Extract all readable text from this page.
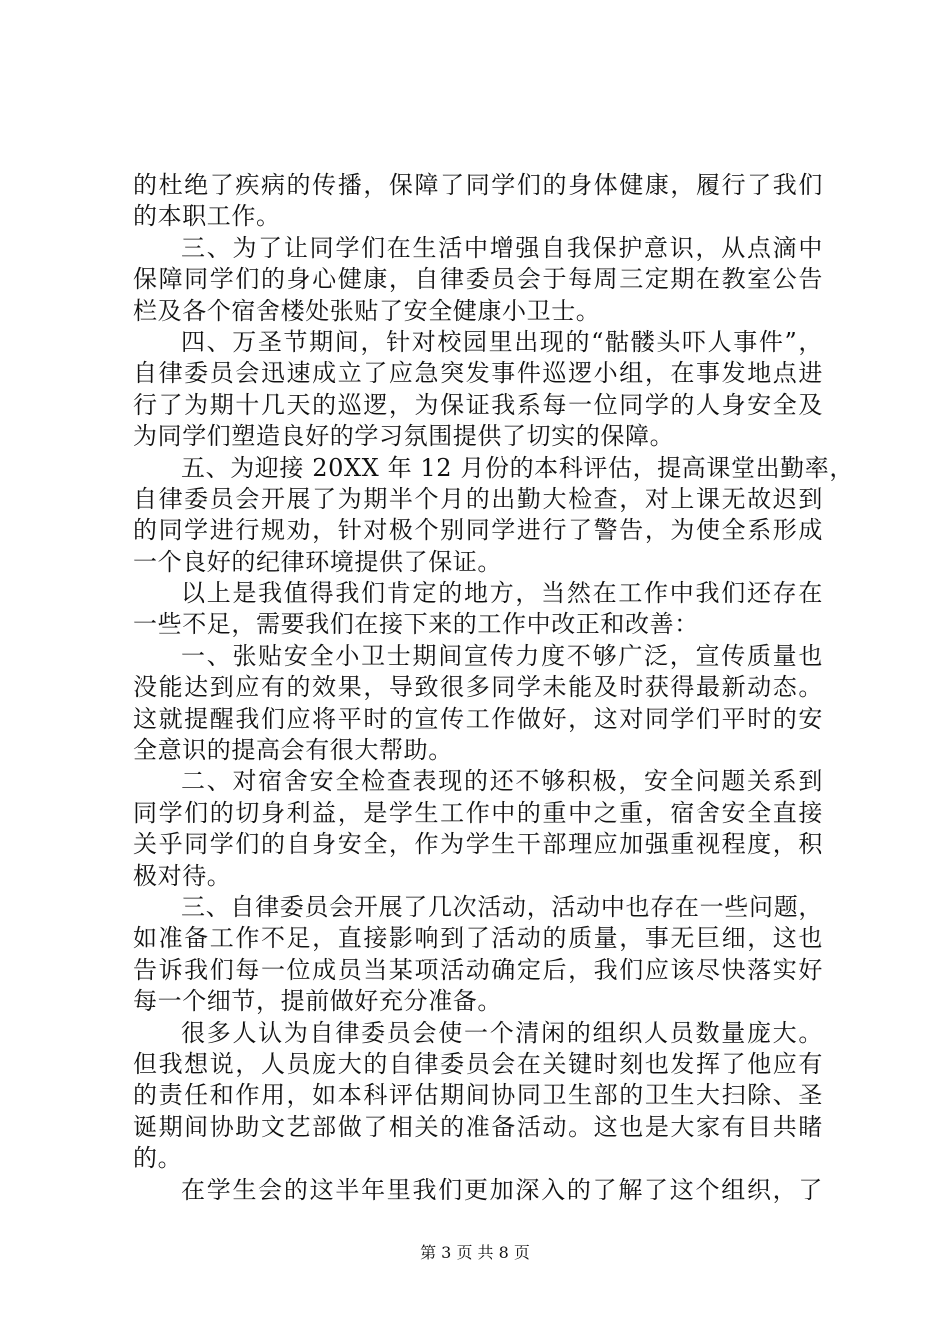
的杜绝了疾病的传播，保障了同学们的身体健康，履行了我们
的本职工作。
三、为了让同学们在生活中增强自我保护意识，从点滴中
保障同学们的身心健康，自律委员会于每周三定期在教室公告
栏及各个宿舍楼处张贴了安全健康小卫士。
四、万圣节期间，针对校园里出现的“骷髅头吓人事件”，
自律委员会迅速成立了应急突发事件巡逻小组，在事发地点进
行了为期十几天的巡逻，为保证我系每一位同学的人身安全及
为同学们塑造良好的学习氛围提供了切实的保障。
五、为迎接 20XX 年 12 月份的本科评估，提高课堂出勤率，
自律委员会开展了为期半个月的出勤大检查，对上课无故迟到
的同学进行规劝，针对极个别同学进行了警告，为使全系形成
一个良好的纪律环境提供了保证。
以上是我值得我们肯定的地方，当然在工作中我们还存在
一些不足，需要我们在接下来的工作中改正和改善：
一、张贴安全小卫士期间宣传力度不够广泛，宣传质量也
没能达到应有的效果，导致很多同学未能及时获得最新动态。
这就提醒我们应将平时的宣传工作做好，这对同学们平时的安
全意识的提高会有很大帮助。
二、对宿舍安全检查表现的还不够积极，安全问题关系到
同学们的切身利益，是学生工作中的重中之重，宿舍安全直接
关乎同学们的自身安全，作为学生干部理应加强重视程度，积
极对待。
三、自律委员会开展了几次活动，活动中也存在一些问题，
如准备工作不足，直接影响到了活动的质量，事无巨细，这也
告诉我们每一位成员当某项活动确定后，我们应该尽快落实好
每一个细节，提前做好充分准备。
很多人认为自律委员会使一个清闲的组织人员数量庞大。
但我想说，人员庞大的自律委员会在关键时刻也发挥了他应有
的责任和作用，如本科评估期间协同卫生部的卫生大扫除、圣
诞期间协助文艺部做了相关的准备活动。这也是大家有目共睹
的。
在学生会的这半年里我们更加深入的了解了这个组织，了
第 3 页 共 8 页
